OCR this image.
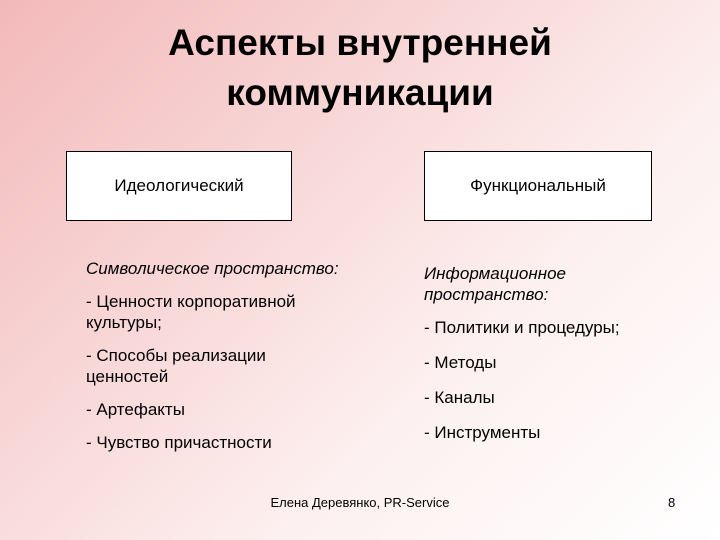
Аспекты внутренней
коммуникации
Идеологический	Функциональный
Символическое пространство:
- Ценности корпоративной культуры;
- Способы реализации ценностей
- Артефакты
- Чувство причастности
Информационное пространство:
- Политики и процедуры;
- Методы
- Каналы
- Инструменты
Елена Деревянко, PR-Service	8
